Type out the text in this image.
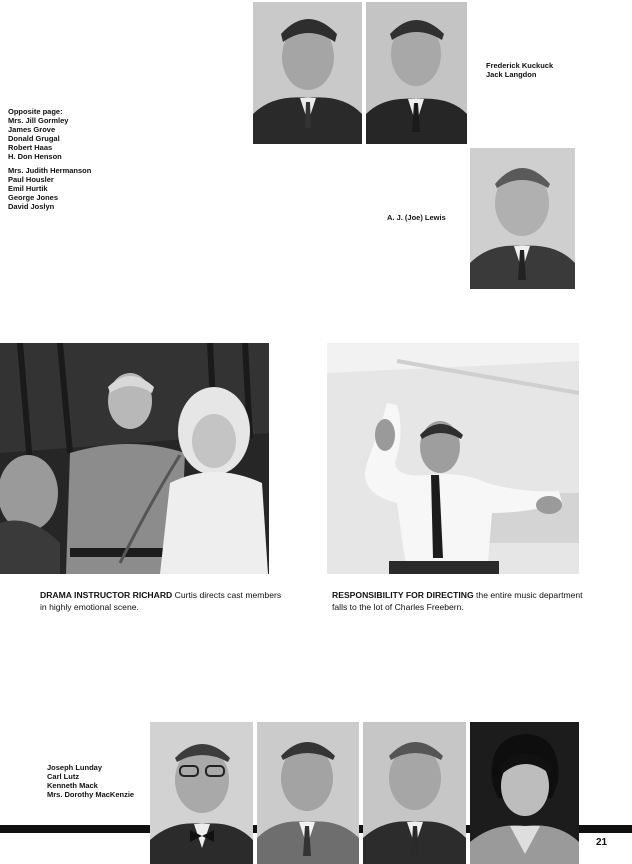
Frederick Kuckuck
Jack Langdon
Opposite page:
Mrs. Jill Gormley
James Grove
Donald Grugal
Robert Haas
H. Don Henson
Mrs. Judith Hermanson
Paul Housler
Emil Hurtik
George Jones
David Joslyn
A. J. (Joe) Lewis
DRAMA INSTRUCTOR RICHARD Curtis directs cast members in highly emotional scene.
RESPONSIBILITY FOR DIRECTING the entire music department falls to the lot of Charles Freebern.
Joseph Lunday
Carl Lutz
Kenneth Mack
Mrs. Dorothy MacKenzie
21
